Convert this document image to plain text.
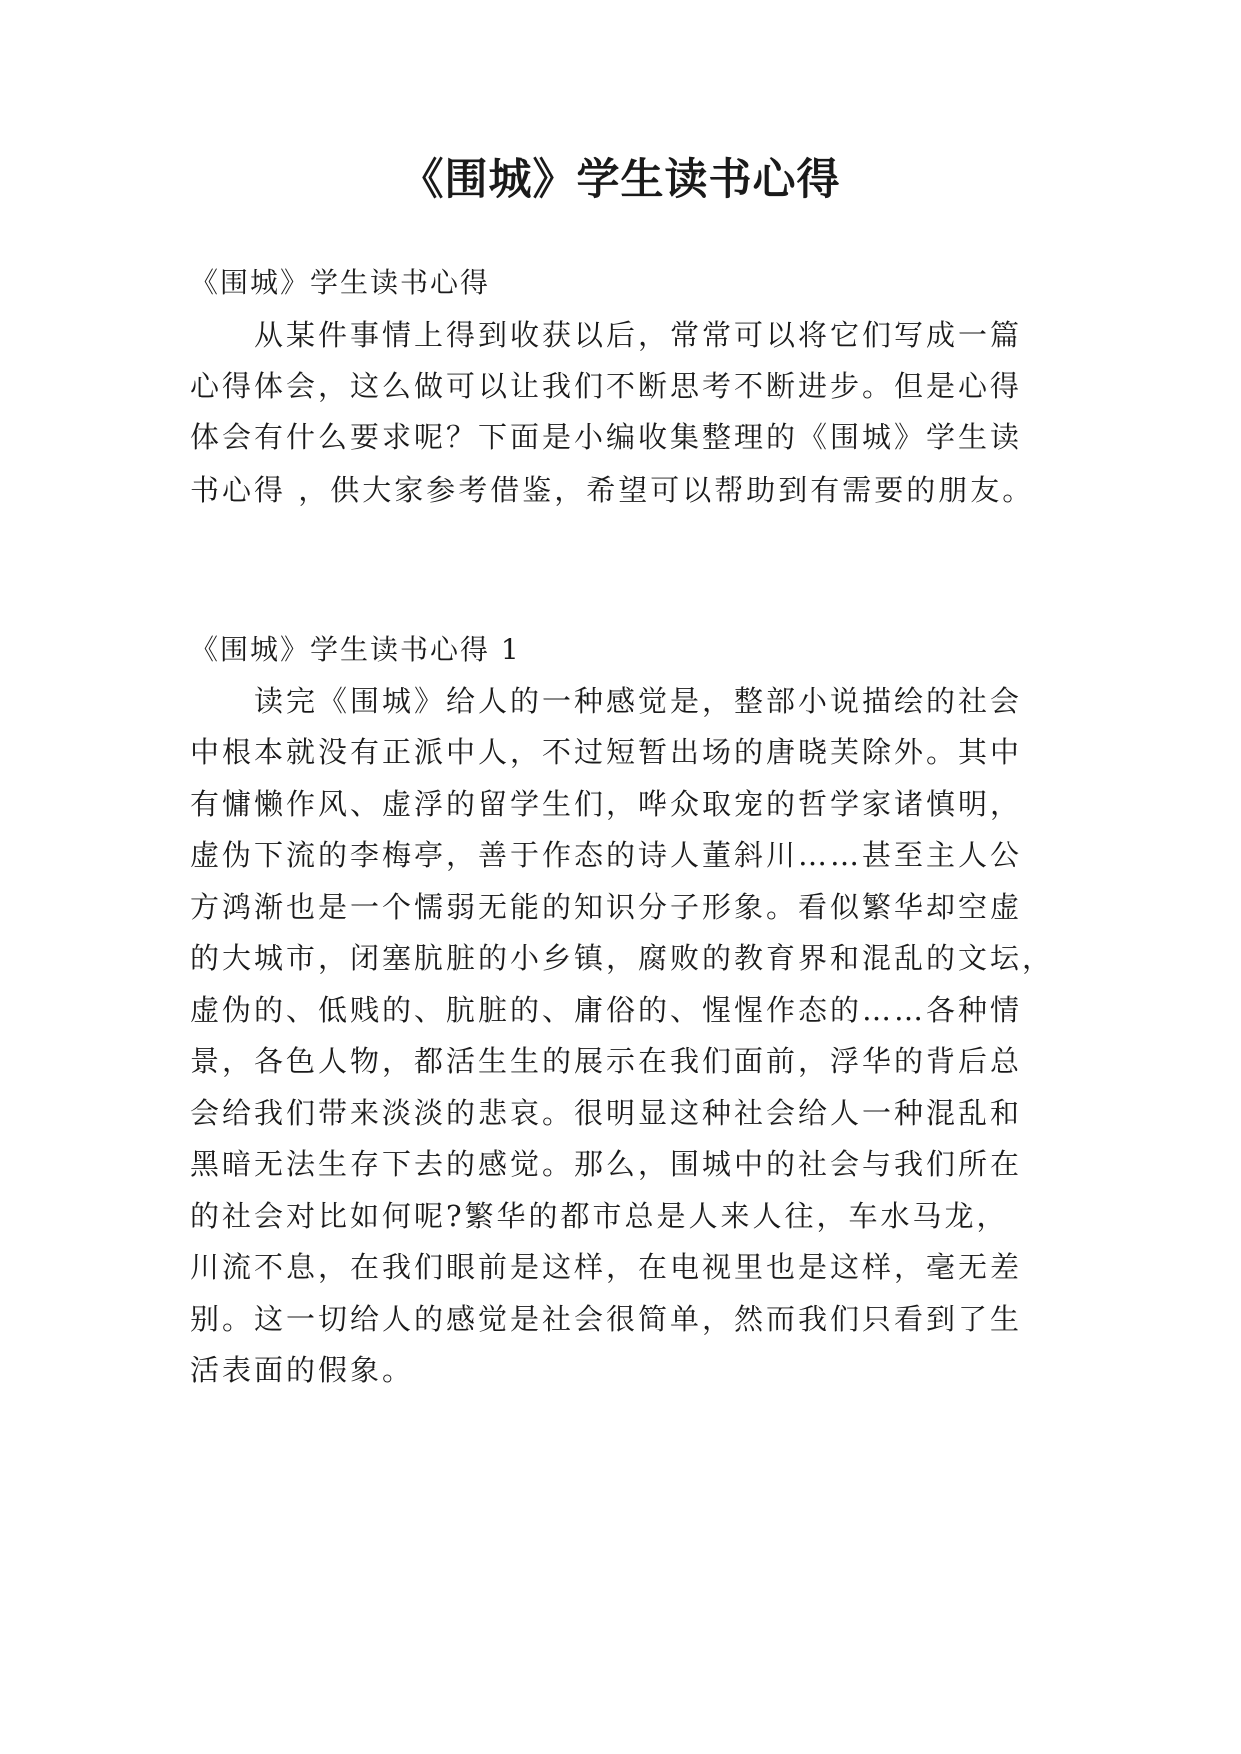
《围城》学生读书心得

《围城》学生读书心得

　　从某件事情上得到收获以后，常常可以将它们写成一篇

心得体会，这么做可以让我们不断思考不断进步。但是心得

体会有什么要求呢？下面是小编收集整理的《围城》学生读

书心得 ，供大家参考借鉴，希望可以帮助到有需要的朋友。

《围城》学生读书心得 1

　　读完《围城》给人的一种感觉是，整部小说描绘的社会

中根本就没有正派中人，不过短暂出场的唐晓芙除外。其中

有慵懒作风、虚浮的留学生们，哗众取宠的哲学家诸慎明，

虚伪下流的李梅亭，善于作态的诗人董斜川……甚至主人公

方鸿渐也是一个懦弱无能的知识分子形象。看似繁华却空虚

的大城市，闭塞肮脏的小乡镇，腐败的教育界和混乱的文坛，

虚伪的、低贱的、肮脏的、庸俗的、惺惺作态的……各种情

景，各色人物，都活生生的展示在我们面前，浮华的背后总

会给我们带来淡淡的悲哀。很明显这种社会给人一种混乱和

黑暗无法生存下去的感觉。那么，围城中的社会与我们所在

的社会对比如何呢?繁华的都市总是人来人往，车水马龙，

川流不息，在我们眼前是这样，在电视里也是这样，毫无差

别。这一切给人的感觉是社会很简单，然而我们只看到了生

活表面的假象。
